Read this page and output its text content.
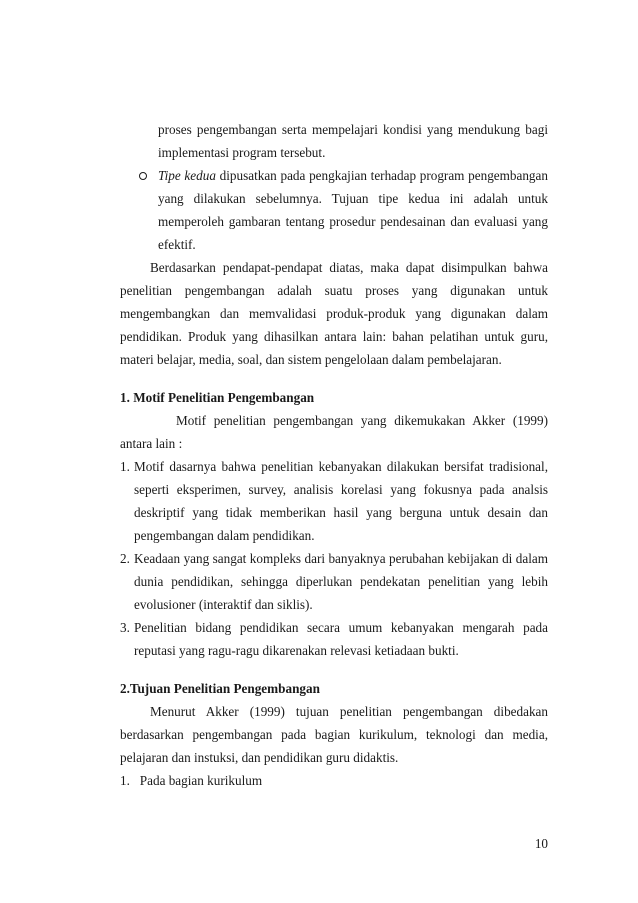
proses pengembangan serta mempelajari kondisi yang mendukung bagi
implementasi program tersebut.
Tipe kedua dipusatkan pada pengkajian terhadap program pengembangan
yang dilakukan sebelumnya. Tujuan tipe kedua ini adalah untuk
memperoleh gambaran tentang prosedur pendesainan dan evaluasi yang
efektif.
Berdasarkan pendapat-pendapat diatas, maka dapat disimpulkan bahwa
penelitian pengembangan adalah suatu proses yang digunakan untuk
mengembangkan dan memvalidasi produk-produk yang digunakan dalam
pendidikan. Produk yang dihasilkan antara lain: bahan pelatihan untuk guru,
materi belajar, media, soal, dan sistem pengelolaan dalam pembelajaran.
1. Motif Penelitian Pengembangan
Motif penelitian pengembangan yang dikemukakan Akker (1999)
antara lain :
1. Motif dasarnya bahwa penelitian kebanyakan dilakukan bersifat tradisional,
seperti eksperimen, survey, analisis korelasi yang fokusnya pada analsis
deskriptif yang tidak memberikan hasil yang berguna untuk desain dan
pengembangan dalam pendidikan.
2. Keadaan yang sangat kompleks dari banyaknya perubahan kebijakan di dalam
dunia pendidikan, sehingga diperlukan pendekatan penelitian yang lebih
evolusioner (interaktif dan siklis).
3. Penelitian bidang pendidikan secara umum kebanyakan mengarah pada
reputasi yang ragu-ragu dikarenakan relevasi ketiadaan bukti.
2.Tujuan Penelitian Pengembangan
Menurut Akker (1999) tujuan penelitian pengembangan dibedakan
berdasarkan pengembangan pada bagian kurikulum, teknologi dan media,
pelajaran dan instuksi, dan pendidikan guru didaktis.
1.   Pada bagian kurikulum
10
